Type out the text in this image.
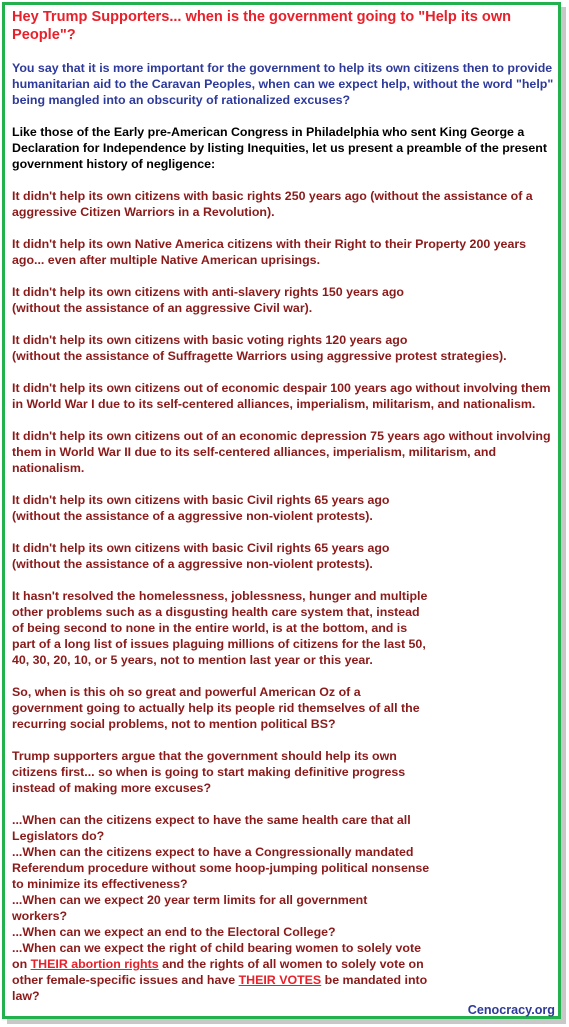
Hey Trump Supporters... when is the government going to "Help its own People"?
You say that it is more important for the government to help its own citizens then to provide humanitarian aid to the Caravan Peoples, when can we expect help, without the word "help" being mangled into an obscurity of rationalized excuses?
Like those of the Early pre-American Congress in Philadelphia who sent King George a Declaration for Independence by listing Inequities, let us present a preamble of the present government history of negligence:
It didn't help its own citizens with basic rights 250 years ago (without the assistance of a aggressive Citizen Warriors in a Revolution).
It didn't help its own Native America citizens with their Right to their Property 200 years ago... even after multiple Native American uprisings.
It didn't help its own citizens with anti-slavery rights 150 years ago
(without the assistance of an aggressive Civil war).
It didn't help its own citizens with basic voting rights 120 years ago
(without the assistance of Suffragette Warriors using aggressive protest strategies).
It didn't help its own citizens out of economic despair 100 years ago without involving them in World War I due to its self-centered alliances, imperialism, militarism, and nationalism.
It didn't help its own citizens out of an economic depression 75 years ago without involving them in World War II due to its self-centered alliances, imperialism, militarism, and nationalism.
It didn't help its own citizens with basic Civil rights 65 years ago
(without the assistance of a aggressive non-violent protests).
It didn't help its own citizens with basic Civil rights 65 years ago
(without the assistance of a aggressive non-violent protests).
It hasn't resolved the homelessness, joblessness, hunger and multiple
other problems such as a disgusting health care system that, instead
of being second to none in the entire world, is at the bottom, and is
part of a long list of issues plaguing millions of citizens for the last 50,
40, 30, 20, 10, or 5 years, not to mention last year or this year.
So, when is this oh so great and powerful American Oz of a
government going to actually help its people rid themselves of all the
recurring social problems, not to mention political BS?
Trump supporters argue that the government should help its own
citizens first... so when is going to start making definitive progress
instead of making more excuses?
...When can the citizens expect to have the same health care that all
Legislators do?
...When can the citizens expect to have a Congressionally mandated
Referendum procedure without some hoop-jumping political nonsense
to minimize its effectiveness?
...When can we expect 20 year term limits for all government
workers?
...When can we expect an end to the Electoral College?
...When can we expect the right of child bearing women to solely vote
on THEIR abortion rights and the rights of all women to solely vote on
other female-specific issues and have THEIR VOTES be mandated into
law?
Cenocracy.org
